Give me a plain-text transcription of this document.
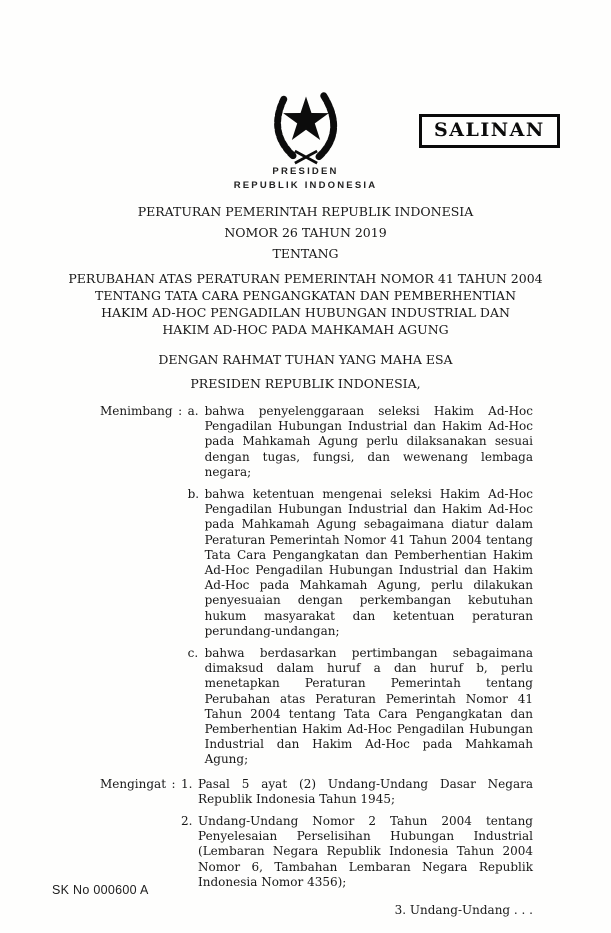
SALINAN
PRESIDEN
REPUBLIK INDONESIA
PERATURAN PEMERINTAH REPUBLIK INDONESIA
NOMOR 26 TAHUN 2019
TENTANG
PERUBAHAN ATAS PERATURAN PEMERINTAH NOMOR 41 TAHUN 2004
TENTANG TATA CARA PENGANGKATAN DAN PEMBERHENTIAN
HAKIM AD-HOC PENGADILAN HUBUNGAN INDUSTRIAL DAN
HAKIM AD-HOC PADA MAHKAMAH AGUNG
DENGAN RAHMAT TUHAN YANG MAHA ESA
PRESIDEN REPUBLIK INDONESIA,
Menimbang : a. bahwa penyelenggaraan seleksi Hakim Ad-Hoc Pengadilan Hubungan Industrial dan Hakim Ad-Hoc pada Mahkamah Agung perlu dilaksanakan sesuai dengan tugas, fungsi, dan wewenang lembaga negara;
b. bahwa ketentuan mengenai seleksi Hakim Ad-Hoc Pengadilan Hubungan Industrial dan Hakim Ad-Hoc pada Mahkamah Agung sebagaimana diatur dalam Peraturan Pemerintah Nomor 41 Tahun 2004 tentang Tata Cara Pengangkatan dan Pemberhentian Hakim Ad-Hoc Pengadilan Hubungan Industrial dan Hakim Ad-Hoc pada Mahkamah Agung, perlu dilakukan penyesuaian dengan perkembangan kebutuhan hukum masyarakat dan ketentuan peraturan perundang-undangan;
c. bahwa berdasarkan pertimbangan sebagaimana dimaksud dalam huruf a dan huruf b, perlu menetapkan Peraturan Pemerintah tentang Perubahan atas Peraturan Pemerintah Nomor 41 Tahun 2004 tentang Tata Cara Pengangkatan dan Pemberhentian Hakim Ad-Hoc Pengadilan Hubungan Industrial dan Hakim Ad-Hoc pada Mahkamah Agung;
Mengingat : 1. Pasal 5 ayat (2) Undang-Undang Dasar Negara Republik Indonesia Tahun 1945;
2. Undang-Undang Nomor 2 Tahun 2004 tentang Penyelesaian Perselisihan Hubungan Industrial (Lembaran Negara Republik Indonesia Tahun 2004 Nomor 6, Tambahan Lembaran Negara Republik Indonesia Nomor 4356);
3. Undang-Undang . . .
SK No 000600 A
